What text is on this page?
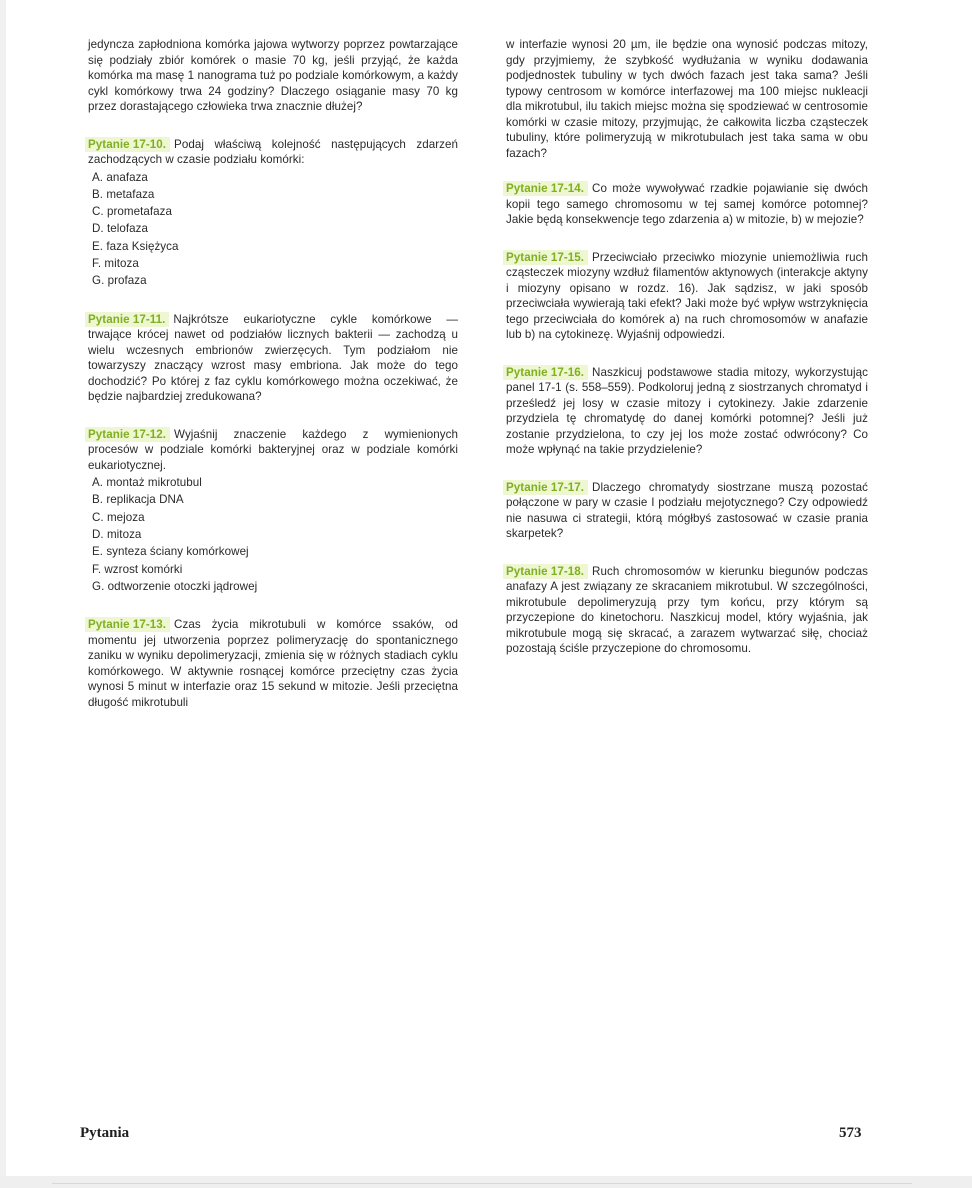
jedyncza zapłodniona komórka jajowa wytworzy poprzez powtarzające się podziały zbiór komórek o masie 70 kg, jeśli przyjąć, że każda komórka ma masę 1 nanograma tuż po podziale komórkowym, a każdy cykl komórkowy trwa 24 godziny? Dlaczego osiąganie masy 70 kg przez dorastającego człowieka trwa znacznie dłużej?

Pytanie 17-10. Podaj właściwą kolejność następujących zdarzeń zachodzących w czasie podziału komórki:
A. anafaza
B. metafaza
C. prometafaza
D. telofaza
E. faza Księżyca
F. mitoza
G. profaza
Pytanie 17-11. Najkrótsze eukariotyczne cykle komórkowe — trwające krócej nawet od podziałów licznych bakterii — zachodzą u wielu wczesnych embrionów zwierzęcych. Tym podziałom nie towarzyszy znaczący wzrost masy embriona. Jak może do tego dochodzić? Po której z faz cyklu komórkowego można oczekiwać, że będzie najbardziej zredukowana?
Pytanie 17-12. Wyjaśnij znaczenie każdego z wymienionych procesów w podziale komórki bakteryjnej oraz w podziale komórki eukariotycznej.
A. montaż mikrotubul
B. replikacja DNA
C. mejoza
D. mitoza
E. synteza ściany komórkowej
F. wzrost komórki
G. odtworzenie otoczki jądrowej
Pytanie 17-13. Czas życia mikrotubuli w komórce ssaków, od momentu jej utworzenia poprzez polimeryzację do spontanicznego zaniku w wyniku depolimeryzacji, zmienia się w różnych stadiach cyklu komórkowego. W aktywnie rosnącej komórce przeciętny czas życia wynosi 5 minut w interfazie oraz 15 sekund w mitozie. Jeśli przeciętna długość mikrotubuli

w interfazie wynosi 20 µm, ile będzie ona wynosić podczas mitozy, gdy przyjmiemy, że szybkość wydłużania w wyniku dodawania podjednostek tubuliny w tych dwóch fazach jest taka sama? Jeśli typowy centrosom w komórce interfazowej ma 100 miejsc nukleacji dla mikrotubul, ilu takich miejsc można się spodziewać w centrosomie komórki w czasie mitozy, przyjmując, że całkowita liczba cząsteczek tubuliny, które polimeryzują w mikrotubulach jest taka sama w obu fazach?

Pytanie 17-14. Co może wywoływać rzadkie pojawianie się dwóch kopii tego samego chromosomu w tej samej komórce potomnej? Jakie będą konsekwencje tego zdarzenia a) w mitozie, b) w mejozie?
Pytanie 17-15. Przeciwciało przeciwko miozynie uniemożliwia ruch cząsteczek miozyny wzdłuż filamentów aktynowych (interakcje aktyny i miozyny opisano w rozdz. 16). Jak sądzisz, w jaki sposób przeciwciała wywierają taki efekt? Jaki może być wpływ wstrzyknięcia tego przeciwciała do komórek a) na ruch chromosomów w anafazie lub b) na cytokinezę. Wyjaśnij odpowiedzi.
Pytanie 17-16. Naszkicuj podstawowe stadia mitozy, wykorzystując panel 17-1 (s. 558–559). Podkoloruj jedną z siostrzanych chromatyd i prześledź jej losy w czasie mitozy i cytokinezy. Jakie zdarzenie przydziela tę chromatydę do danej komórki potomnej? Jeśli już zostanie przydzielona, to czy jej los może zostać odwrócony? Co może wpłynąć na takie przydzielenie?
Pytanie 17-17. Dlaczego chromatydy siostrzane muszą pozostać połączone w pary w czasie I podziału mejotycznego? Czy odpowiedź nie nasuwa ci strategii, którą mógłbyś zastosować w czasie prania skarpetek?
Pytanie 17-18. Ruch chromosomów w kierunku biegunów podczas anafazy A jest związany ze skracaniem mikrotubul. W szczególności, mikrotubule depolimeryzują przy tym końcu, przy którym są przyczepione do kinetochoru. Naszkicuj model, który wyjaśnia, jak mikrotubule mogą się skracać, a zarazem wytwarzać siłę, chociaż pozostają ściśle przyczepione do chromosomu.
Pytania	573
